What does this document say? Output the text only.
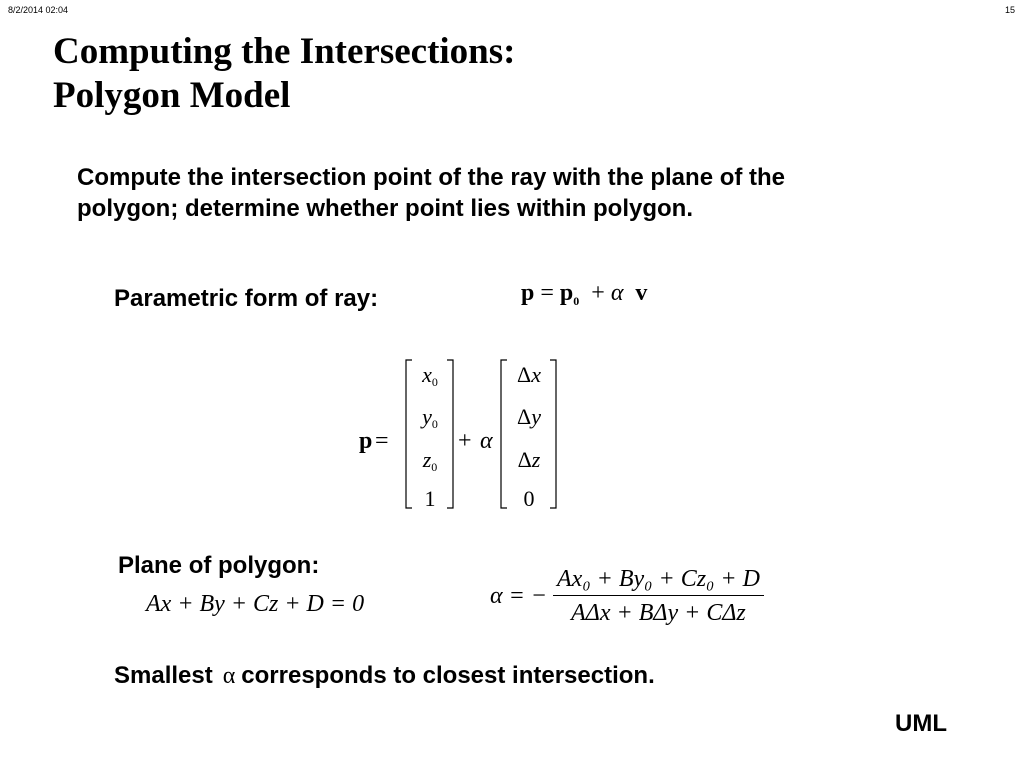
8/2/2014 02:04	15
Computing the Intersections:
Polygon Model
Compute the intersection point of the ray with the plane of the
polygon; determine whether point lies within polygon.
Parametric form of ray:	$p = p_0 + \alpha$ v
p =	+ α
x0
y0
z0
1
Δx
Δy
Δz
0
Plane of polygon:
Ax + By + Cz + D = 0	α = − $\frac{\text{Ax₀ + By₀ + Cz₀ + D}}{\text{AΔx + BΔy + CΔz}}$
Smallest α corresponds to closest intersection.
UML
